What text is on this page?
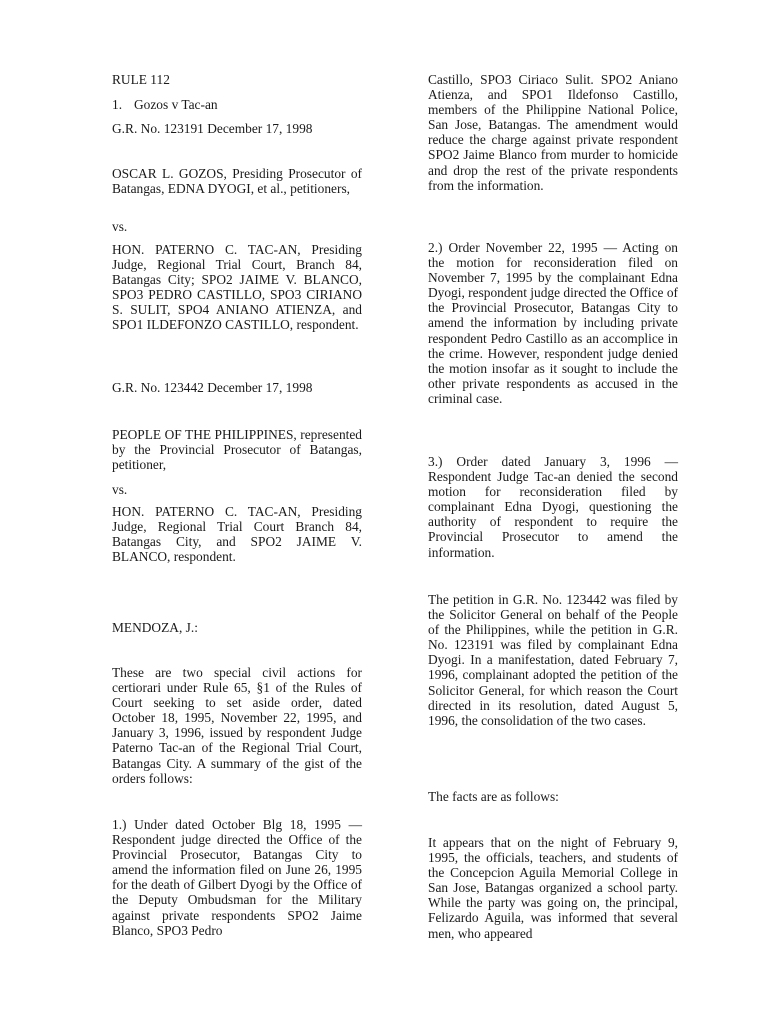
RULE 112

1. Gozos v Tac-an

G.R. No. 123191 December 17, 1998

OSCAR L. GOZOS, Presiding Prosecutor of Batangas, EDNA DYOGI, et al., petitioners,

vs.

HON. PATERNO C. TAC-AN, Presiding Judge, Regional Trial Court, Branch 84, Batangas City; SPO2 JAIME V. BLANCO, SPO3 PEDRO CASTILLO, SPO3 CIRIANO S. SULIT, SPO4 ANIANO ATIENZA, and SPO1 ILDEFONZO CASTILLO, respondent.

G.R. No. 123442 December 17, 1998

PEOPLE OF THE PHILIPPINES, represented by the Provincial Prosecutor of Batangas, petitioner,

vs.

HON. PATERNO C. TAC-AN, Presiding Judge, Regional Trial Court Branch 84, Batangas City, and SPO2 JAIME V. BLANCO, respondent.

MENDOZA, J.:

These are two special civil actions for certiorari under Rule 65, §1 of the Rules of Court seeking to set aside order, dated October 18, 1995, November 22, 1995, and January 3, 1996, issued by respondent Judge Paterno Tac-an of the Regional Trial Court, Batangas City. A summary of the gist of the orders follows:

1.) Under dated October Blg 18, 1995 — Respondent judge directed the Office of the Provincial Prosecutor, Batangas City to amend the information filed on June 26, 1995 for the death of Gilbert Dyogi by the Office of the Deputy Ombudsman for the Military against private respondents SPO2 Jaime Blanco, SPO3 Pedro

Castillo, SPO3 Ciriaco Sulit. SPO2 Aniano Atienza, and SPO1 Ildefonso Castillo, members of the Philippine National Police, San Jose, Batangas. The amendment would reduce the charge against private respondent SPO2 Jaime Blanco from murder to homicide and drop the rest of the private respondents from the information.

2.) Order November 22, 1995 — Acting on the motion for reconsideration filed on November 7, 1995 by the complainant Edna Dyogi, respondent judge directed the Office of the Provincial Prosecutor, Batangas City to amend the information by including private respondent Pedro Castillo as an accomplice in the crime. However, respondent judge denied the motion insofar as it sought to include the other private respondents as accused in the criminal case.

3.) Order dated January 3, 1996 — Respondent Judge Tac-an denied the second motion for reconsideration filed by complainant Edna Dyogi, questioning the authority of respondent to require the Provincial Prosecutor to amend the information.

The petition in G.R. No. 123442 was filed by the Solicitor General on behalf of the People of the Philippines, while the petition in G.R. No. 123191 was filed by complainant Edna Dyogi. In a manifestation, dated February 7, 1996, complainant adopted the petition of the Solicitor General, for which reason the Court directed in its resolution, dated August 5, 1996, the consolidation of the two cases.

The facts are as follows:

It appears that on the night of February 9, 1995, the officials, teachers, and students of the Concepcion Aguila Memorial College in San Jose, Batangas organized a school party. While the party was going on, the principal, Felizardo Aguila, was informed that several men, who appeared
